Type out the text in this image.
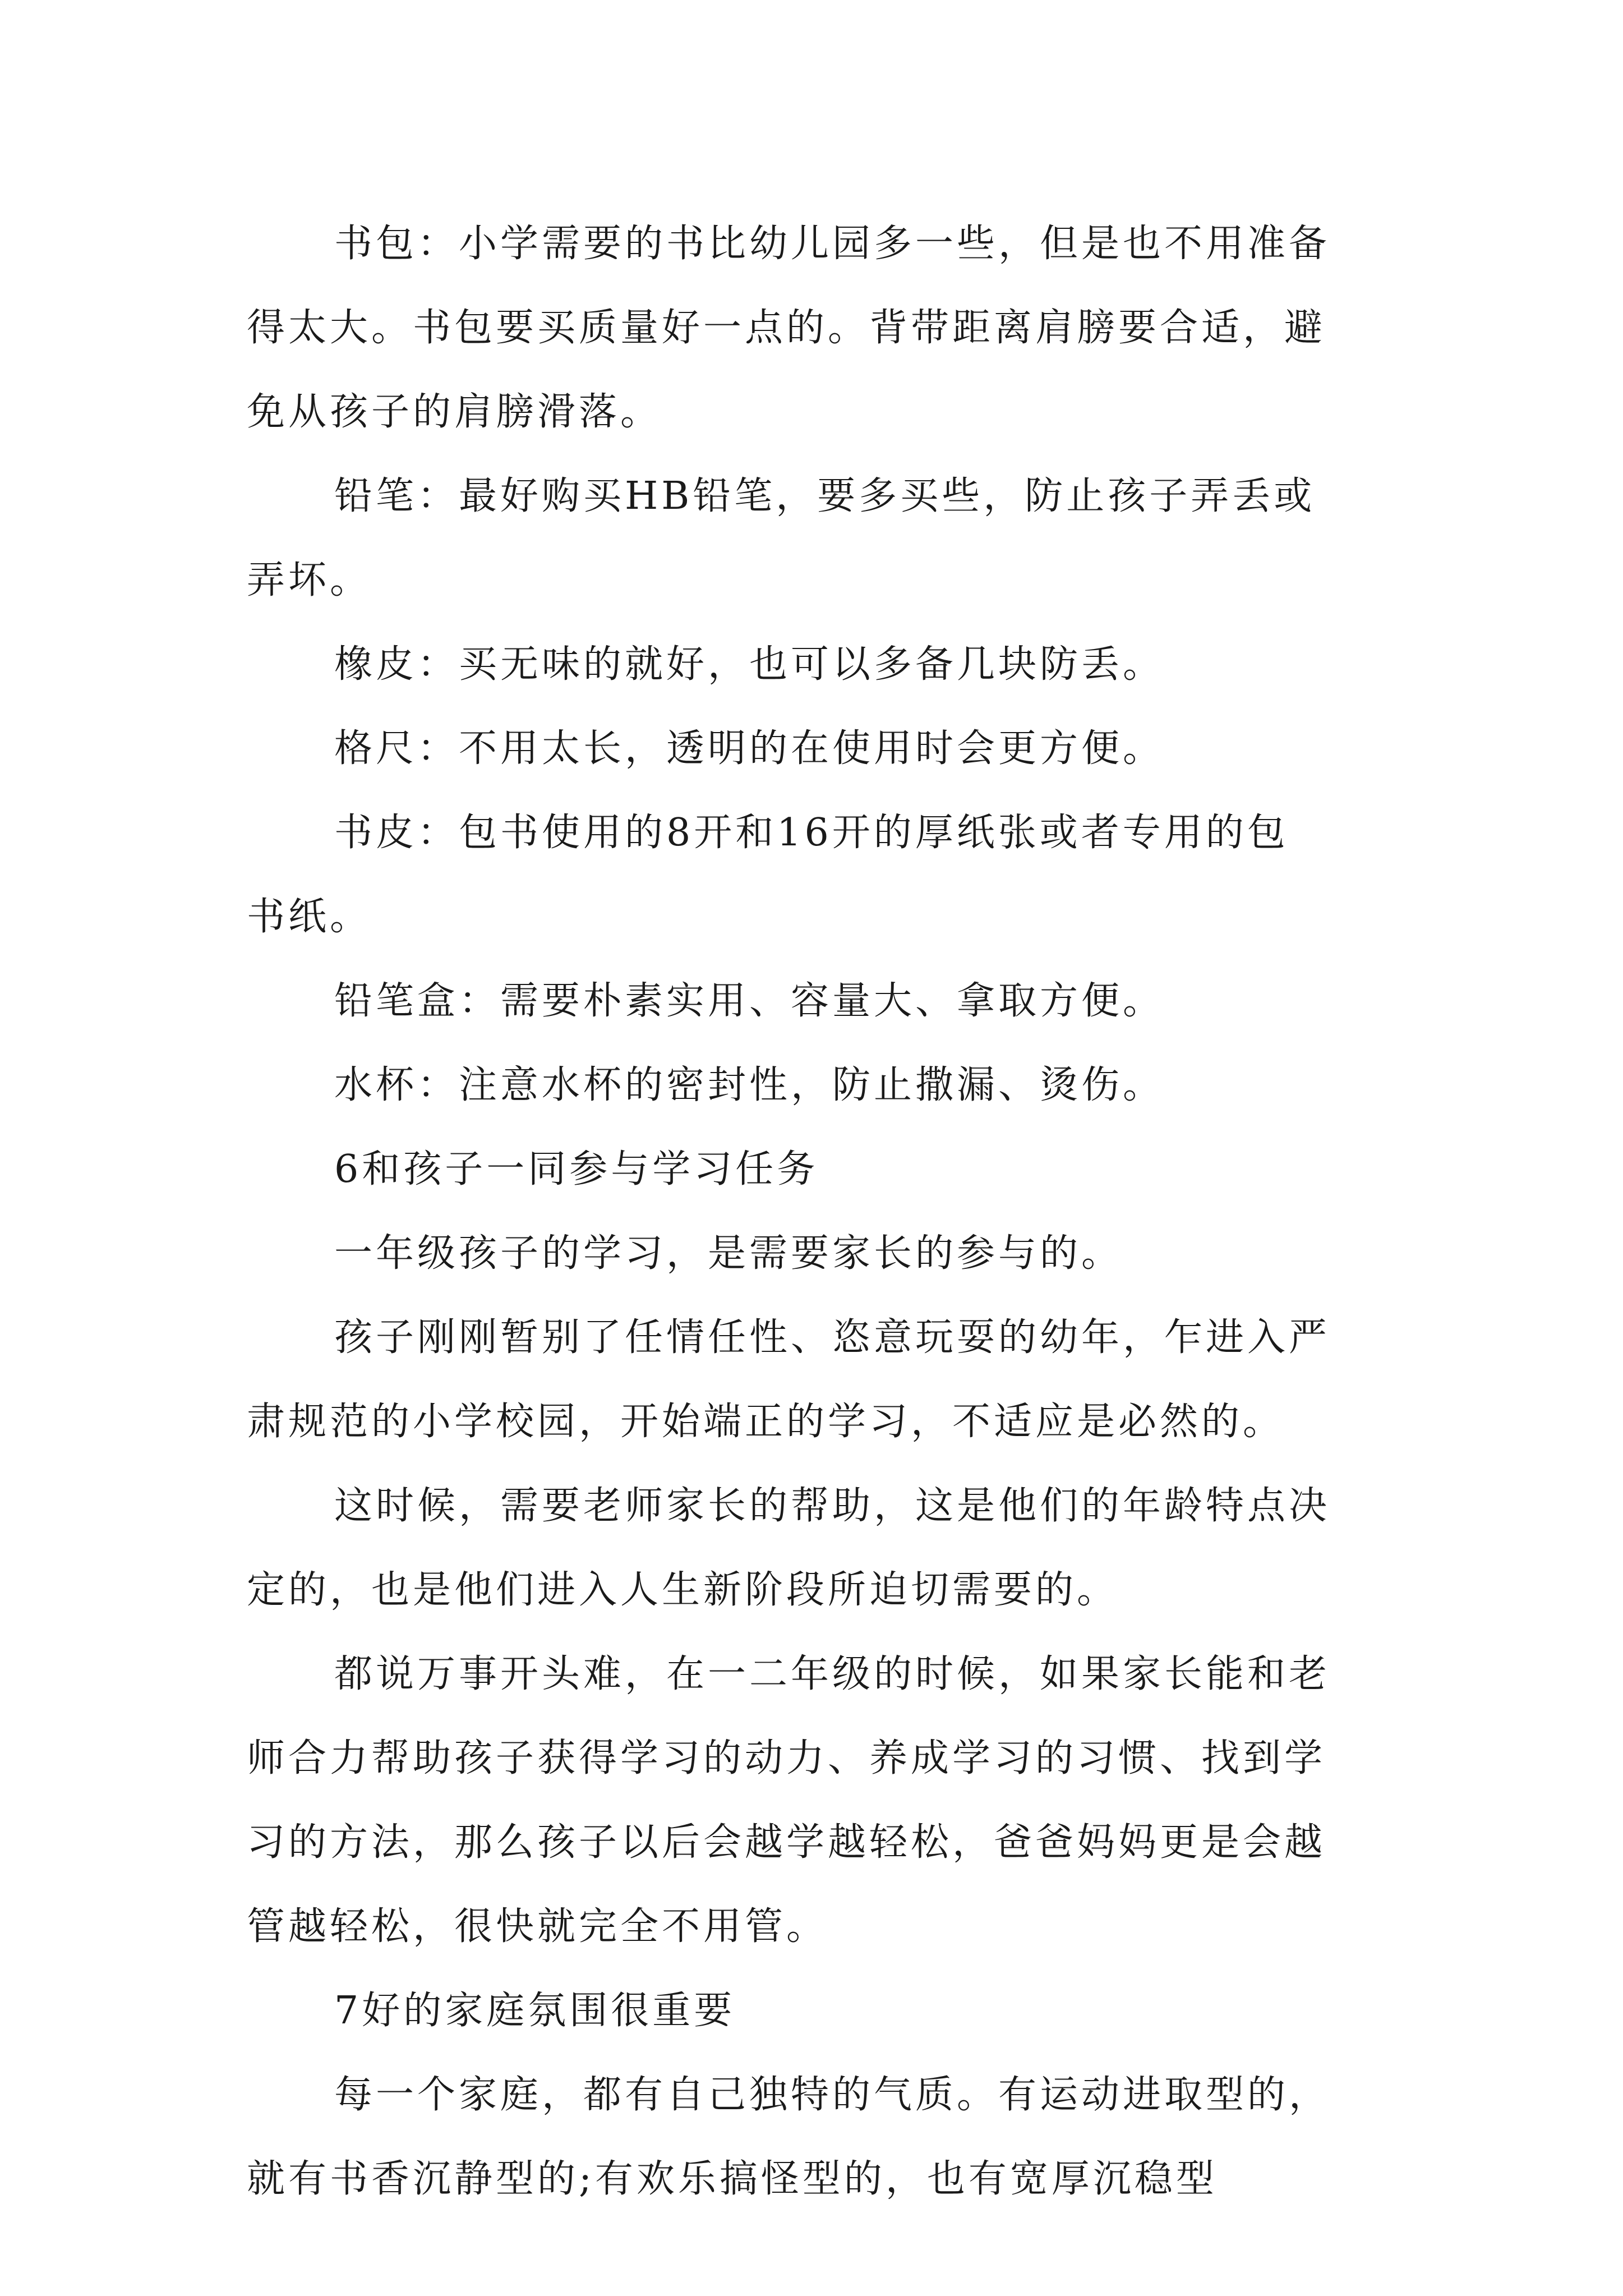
书包：小学需要的书比幼儿园多一些，但是也不用准备
得太大。书包要买质量好一点的。背带距离肩膀要合适，避
免从孩子的肩膀滑落。
铅笔：最好购买HB铅笔，要多买些，防止孩子弄丢或
弄坏。
橡皮：买无味的就好，也可以多备几块防丢。
格尺：不用太长，透明的在使用时会更方便。
书皮：包书使用的8开和16开的厚纸张或者专用的包
书纸。
铅笔盒：需要朴素实用、容量大、拿取方便。
水杯：注意水杯的密封性，防止撒漏、烫伤。
6和孩子一同参与学习任务
一年级孩子的学习，是需要家长的参与的。
孩子刚刚暂别了任情任性、恣意玩耍的幼年，乍进入严
肃规范的小学校园，开始端正的学习，不适应是必然的。
这时候，需要老师家长的帮助，这是他们的年龄特点决
定的，也是他们进入人生新阶段所迫切需要的。
都说万事开头难，在一二年级的时候，如果家长能和老
师合力帮助孩子获得学习的动力、养成学习的习惯、找到学
习的方法，那么孩子以后会越学越轻松，爸爸妈妈更是会越
管越轻松，很快就完全不用管。
7好的家庭氛围很重要
每一个家庭，都有自己独特的气质。有运动进取型的，
就有书香沉静型的;有欢乐搞怪型的，也有宽厚沉稳型
